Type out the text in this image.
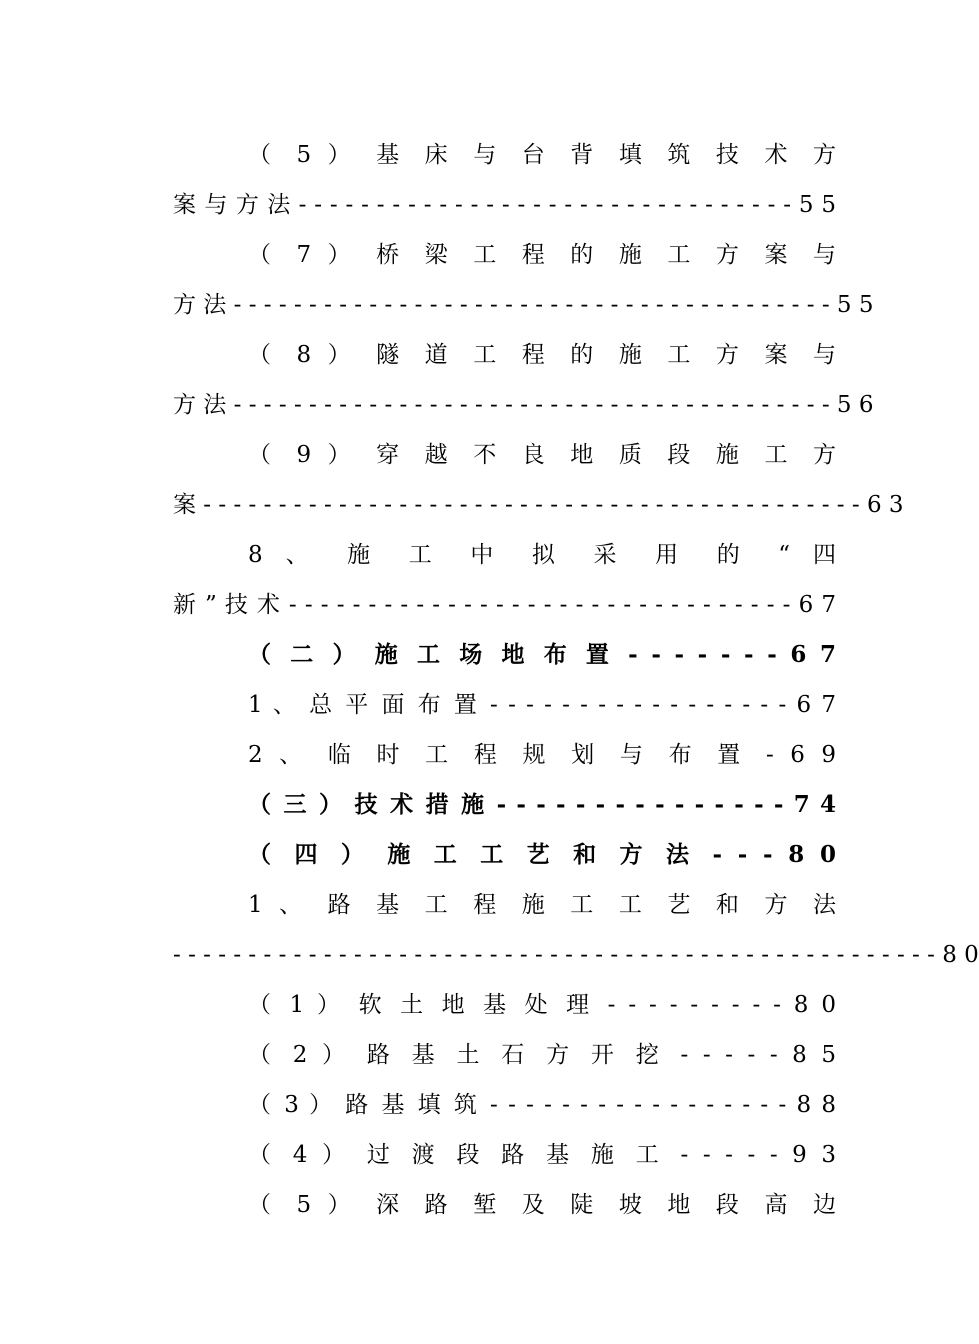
（ 5 ） 基 床 与 台 背 填 筑 技 术 方
案 与 方 法 - - - - - - - - - - - - - - - - - - - - - - - - - - - - - - - - 5 5
（ 7 ） 桥 梁 工 程 的 施 工 方 案 与
方 法 - - - - - - - - - - - - - - - - - - - - - - - - - - - - - - - - - - - - - - - - 5 5
（ 8 ） 隧 道 工 程 的 施 工 方 案 与
方 法 - - - - - - - - - - - - - - - - - - - - - - - - - - - - - - - - - - - - - - - - 5 6
（ 9 ） 穿 越 不 良 地 质 段 施 工 方
案 - - - - - - - - - - - - - - - - - - - - - - - - - - - - - - - - - - - - - - - - - - - - 6 3
8 、 施 工 中 拟 采 用 的 “ 四
新 ” 技 术 - - - - - - - - - - - - - - - - - - - - - - - - - - - - - - - - 6 7
（ 二 ） 施 工 场 地 布 置 - - - - - - - 6 7
1 、 总 平 面 布 置 - - - - - - - - - - - - - - - - - 6 7
2 、 临 时 工 程 规 划 与 布 置 - 6 9
（ 三 ） 技 术 措 施 - - - - - - - - - - - - - - - 7 4
（ 四 ） 施 工 工 艺 和 方 法 - - - 8 0
1 、 路 基 工 程 施 工 工 艺 和 方 法
- - - - - - - - - - - - - - - - - - - - - - - - - - - - - - - - - - - - - - - - - - - - - - - - - - - 8 0
（ 1 ） 软 土 地 基 处 理 - - - - - - - - - 8 0
（ 2 ） 路 基 土 石 方 开 挖 - - - - - 8 5
（ 3 ） 路 基 填 筑 - - - - - - - - - - - - - - - - - 8 8
（ 4 ） 过 渡 段 路 基 施 工 - - - - - 9 3
（ 5 ） 深 路 堑 及 陡 坡 地 段 高 边
